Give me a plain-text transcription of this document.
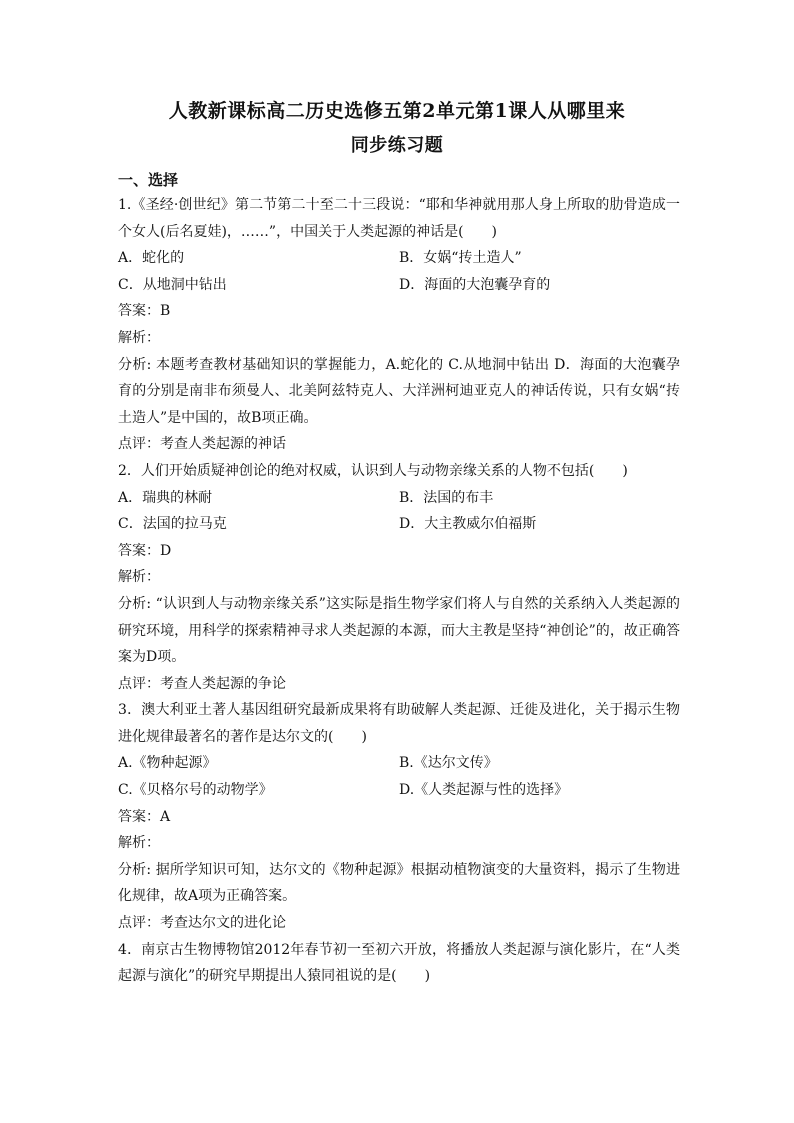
人教新课标高二历史选修五第2单元第1课人从哪里来
同步练习题
一、选择
1.《圣经·创世纪》第二节第二十至二十三段说：“耶和华神就用那人身上所取的肋骨造成一个女人(后名夏娃)，……”，中国关于人类起源的神话是(　　)
A．蛇化的	B．女娲“抟土造人”
C．从地洞中钻出	D．海面的大泡囊孕育的
答案：B
解析：
分析: 本题考查教材基础知识的掌握能力，A.蛇化的 C.从地洞中钻出 D．海面的大泡囊孕育的分别是南非布须曼人、北美阿兹特克人、大洋洲柯迪亚克人的神话传说，只有女娲“抟土造人”是中国的，故B项正确。
点评：考查人类起源的神话
2．人们开始质疑神创论的绝对权威，认识到人与动物亲缘关系的人物不包括(　　)
A．瑞典的林耐	B．法国的布丰
C．法国的拉马克	D．大主教威尔伯福斯
答案：D
解析：
分析: “认识到人与动物亲缘关系”这实际是指生物学家们将人与自然的关系纳入人类起源的研究环境，用科学的探索精神寻求人类起源的本源，而大主教是坚持“神创论”的，故正确答案为D项。
点评：考查人类起源的争论
3．澳大利亚土著人基因组研究最新成果将有助破解人类起源、迁徙及进化，关于揭示生物进化规律最著名的著作是达尔文的(　　)
A.《物种起源》	B.《达尔文传》
C.《贝格尔号的动物学》	D.《人类起源与性的选择》
答案：A
解析：
分析: 据所学知识可知，达尔文的《物种起源》根据动植物演变的大量资料，揭示了生物进化规律，故A项为正确答案。
点评：考查达尔文的进化论
4．南京古生物博物馆2012年春节初一至初六开放，将播放人类起源与演化影片，在“人类起源与演化”的研究早期提出人猿同祖说的是(　　)
